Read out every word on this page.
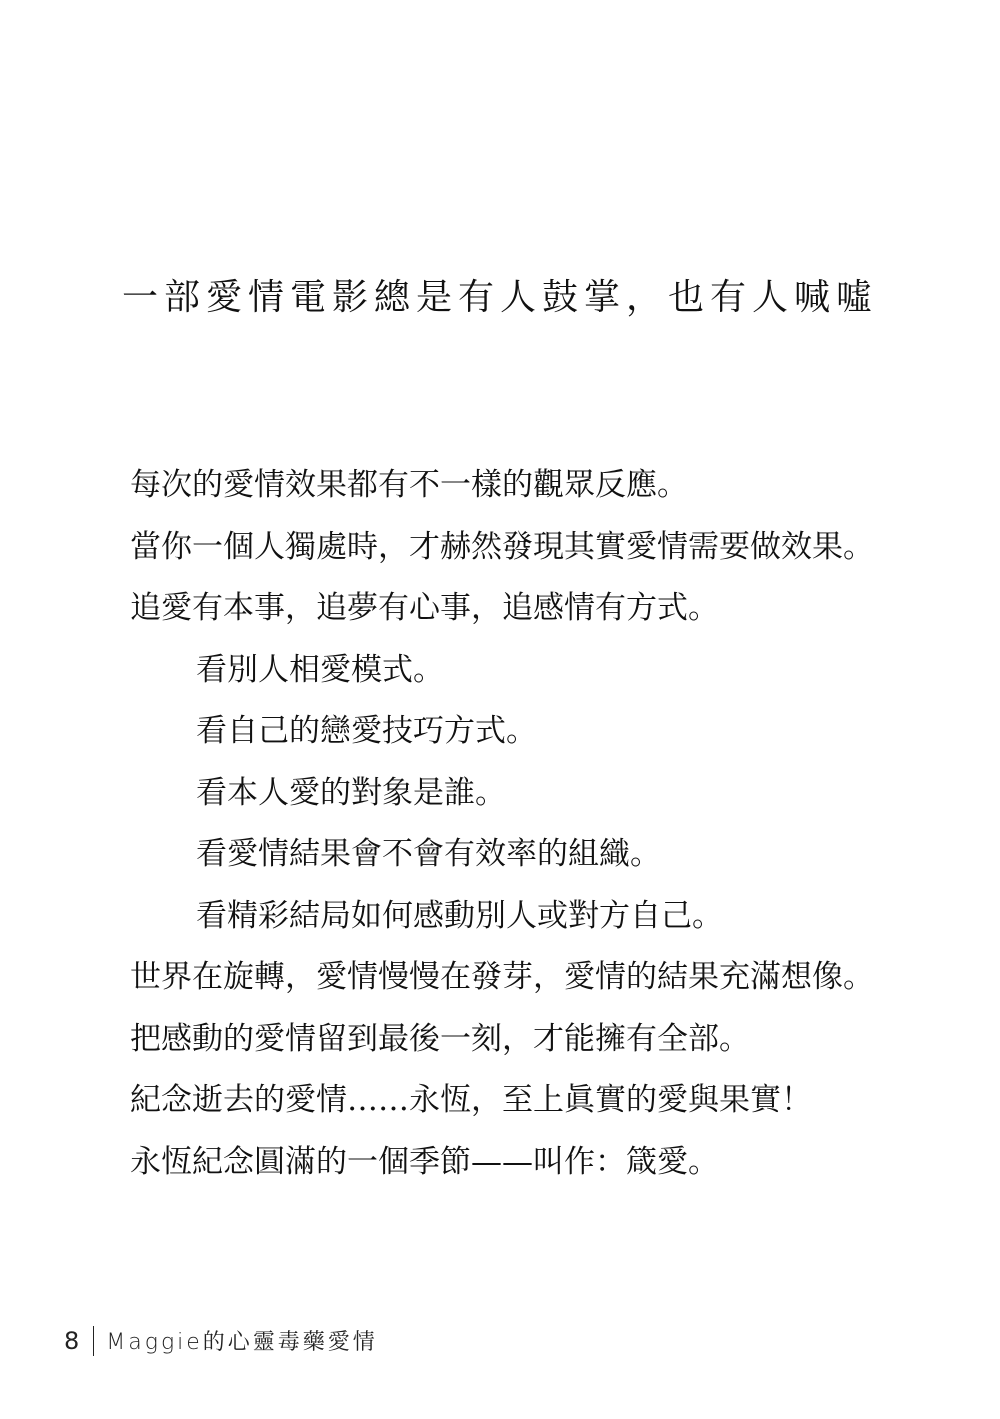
一部愛情電影總是有人鼓掌，也有人喊噓
每次的愛情效果都有不一樣的觀眾反應。
當你一個人獨處時，才赫然發現其實愛情需要做效果。
追愛有本事，追夢有心事，追感情有方式。
看別人相愛模式。
看自己的戀愛技巧方式。
看本人愛的對象是誰。
看愛情結果會不會有效率的組織。
看精彩結局如何感動別人或對方自己。
世界在旋轉，愛情慢慢在發芽，愛情的結果充滿想像。
把感動的愛情留到最後一刻，才能擁有全部。
紀念逝去的愛情……永恆，至上眞實的愛與果實！
永恆紀念圓滿的一個季節——叫作：箴愛。
8 Maggie的心靈毒藥愛情
